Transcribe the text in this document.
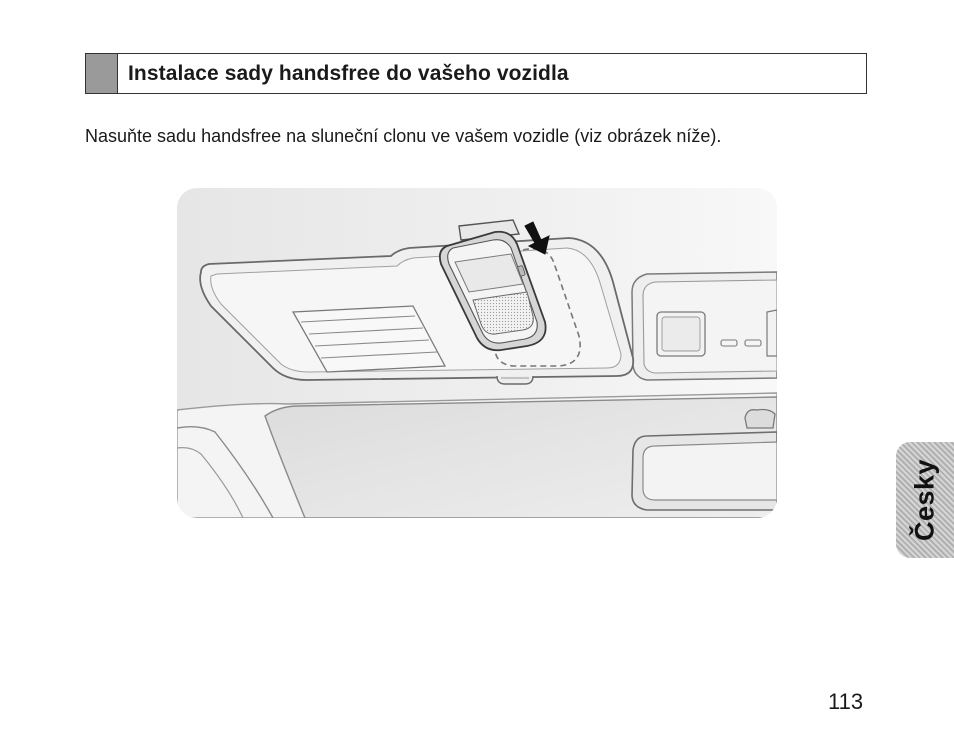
Instalace sady handsfree do vašeho vozidla
Nasuňte sadu handsfree na sluneční clonu ve vašem vozidle (viz obrázek níže).
Česky
113
